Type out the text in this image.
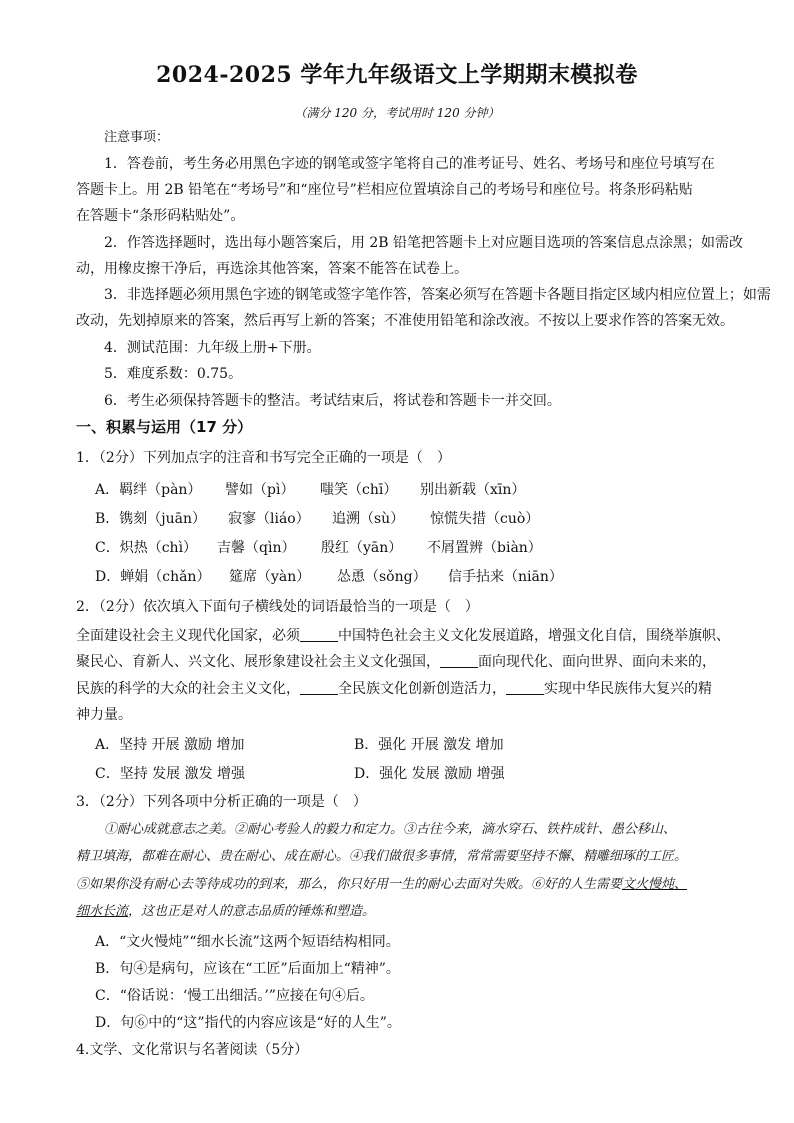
2024-2025 学年九年级语文上学期期末模拟卷
（满分 120 分，考试用时 120 分钟）
注意事项：
1．答卷前，考生务必用黑色字迹的钢笔或签字笔将自己的准考证号、姓名、考场号和座位号填写在
答题卡上。用 2B 铅笔在“考场号”和“座位号”栏相应位置填涂自己的考场号和座位号。将条形码粘贴
在答题卡“条形码粘贴处”。
2．作答选择题时，选出每小题答案后，用 2B 铅笔把答题卡上对应题目选项的答案信息点涂黑；如需改
动，用橡皮擦干净后，再选涂其他答案，答案不能答在试卷上。
3．非选择题必须用黑色字迹的钢笔或签字笔作答，答案必须写在答题卡各题目指定区域内相应位置上；如需
改动，先划掉原来的答案，然后再写上新的答案；不准使用铅笔和涂改液。不按以上要求作答的答案无效。
4．测试范围：九年级上册+下册。
5．难度系数：0.75。
6．考生必须保持答题卡的整洁。考试结束后，将试卷和答题卡一并交回。
一、积累与运用（17 分）
1．（2分）下列加点字的注音和书写完全正确的一项是（　）
A．羁绊（pàn） 譬如（pì） 嗤笑（chī） 别出新载（xīn）
B．镌刻（juān） 寂寥（liáo） 追溯（sù） 惊慌失措（cuò）
C．炽热（chì） 吉馨（qìn） 殷红（yān） 不屑置辨（biàn）
D．蝉娟（chǎn） 筵席（yàn） 怂恿（sǒng） 信手拈来（niān）
2．（2分）依次填入下面句子横线处的词语最恰当的一项是（　）
全面建设社会主义现代化国家，必须	中国特色社会主义文化发展道路，增强文化自信，围绕举旗帜、
聚民心、育新人、兴文化、展形象建设社会主义文化强国，	面向现代化、面向世界、面向未来的，
民族的科学的大众的社会主义文化，	全民族文化创新创造活力，	实现中华民族伟大复兴的精
神力量。
A．坚持 开展 激励 增加	B．强化 开展 激发 增加
C．坚持 发展 激发 增强	D．强化 发展 激励 增强
3．（2分）下列各项中分析正确的一项是（　）
①耐心成就意志之美。②耐心考验人的毅力和定力。③古往今来，滴水穿石、铁杵成针、愚公移山、
精卫填海，都难在耐心、贵在耐心、成在耐心。④我们做很多事情，常常需要坚持不懈、精雕细琢的工匠。
⑤如果你没有耐心去等待成功的到来，那么，你只好用一生的耐心去面对失败。⑥好的人生需要文火慢炖、
细水长流，这也正是对人的意志品质的锤炼和塑造。
A．“文火慢炖”“细水长流”这两个短语结构相同。
B．句④是病句，应该在“工匠”后面加上“精神”。
C．“俗话说：‘慢工出细活。’”应接在句④后。
D．句⑥中的“这”指代的内容应该是“好的人生”。
4.文学、文化常识与名著阅读（5分）
